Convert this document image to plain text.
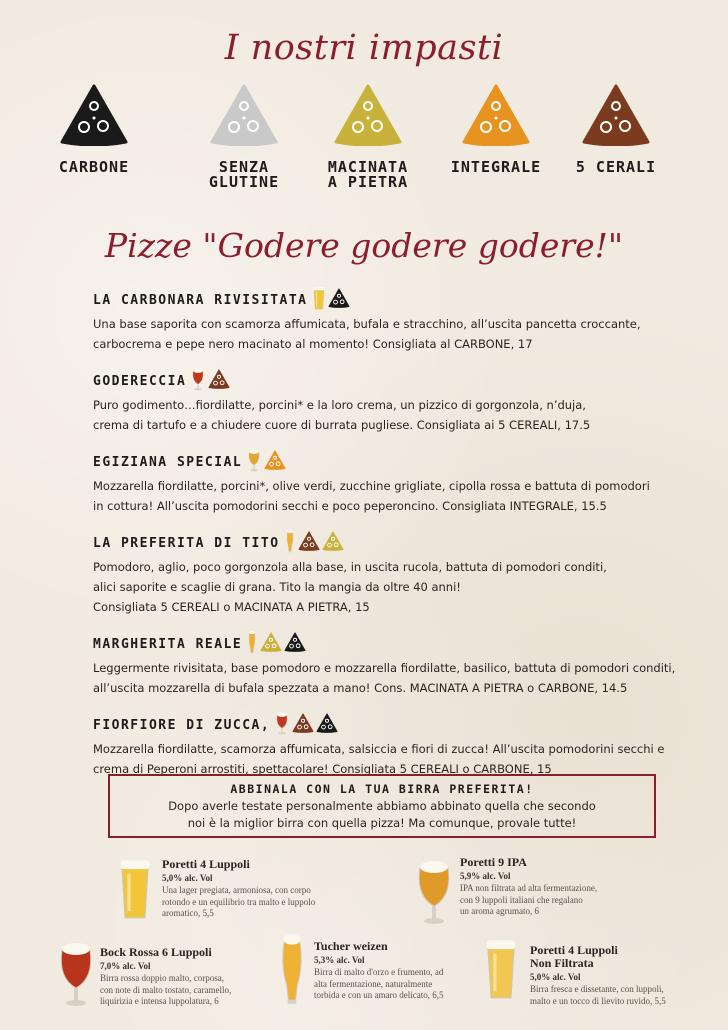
I nostri impasti
CARBONE	SENZA
GLUTINE
MACINATA
A PIETRA
INTEGRALE	5 CERALI
Pizze "Godere godere godere!"
LA CARBONARA RIVISITATA
Una base saporita con scamorza affumicata, bufala e stracchino, all’uscita pancetta croccante,
carbocrema e pepe nero macinato al momento! Consigliata al CARBONE, 17
GODERECCIA
Puro godimento…fiordilatte, porcini* e la loro crema, un pizzico di gorgonzola, n’duja,
crema di tartufo e a chiudere cuore di burrata pugliese. Consigliata ai 5 CEREALI, 17.5
EGIZIANA SPECIAL
Mozzarella fiordilatte, porcini*, olive verdi, zucchine grigliate, cipolla rossa e battuta di pomodori
in cottura! All’uscita pomodorini secchi e poco peperoncino. Consigliata INTEGRALE, 15.5
LA PREFERITA DI TITO
Pomodoro, aglio, poco gorgonzola alla base, in uscita rucola, battuta di pomodori conditi,
alici saporite e scaglie di grana. Tito la mangia da oltre 40 anni!
Consigliata 5 CEREALI o MACINATA A PIETRA, 15
MARGHERITA REALE
Leggermente rivisitata, base pomodoro e mozzarella fiordilatte, basilico, battuta di pomodori conditi,
all’uscita mozzarella di bufala spezzata a mano! Cons. MACINATA A PIETRA o CARBONE, 14.5
FIORFIORE DI ZUCCA,
Mozzarella fiordilatte, scamorza affumicata, salsiccia e fiori di zucca! All’uscita pomodorini secchi e
crema di Peperoni arrostiti, spettacolare! Consigliata 5 CEREALI o CARBONE, 15
ABBINALA CON LA TUA BIRRA PREFERITA!
Dopo averle testate personalmente abbiamo abbinato quella che secondo
noi è la miglior birra con quella pizza! Ma comunque, provale tutte!
Poretti 4 Luppoli
5,0% alc. Vol
Una lager pregiata, armoniosa, con corpo
rotondo e un equilibrio tra malto e luppolo
aromatico, 5,5
Poretti 9 IPA
5,9% alc. Vol
IPA non filtrata ad alta fermentazione,
con 9 luppoli italiani che regalano
un aroma agrumato, 6
Bock Rossa 6 Luppoli
7,0% alc. Vol
Birra rossa doppio malto, corposa,
con note di malto tostato, caramello,
liquirizia e intensa luppolatura, 6
Tucher weizen
5,3% alc. Vol
Birra di malto d'orzo e frumento, ad
alta fermentazione, naturalmente
torbida e con un amaro delicato, 6,5
Poretti 4 Luppoli
Non Filtrata
5,0% alc. Vol
Birra fresca e dissetante, con luppoli,
malto e un tocco di lievito ruvido, 5,5
